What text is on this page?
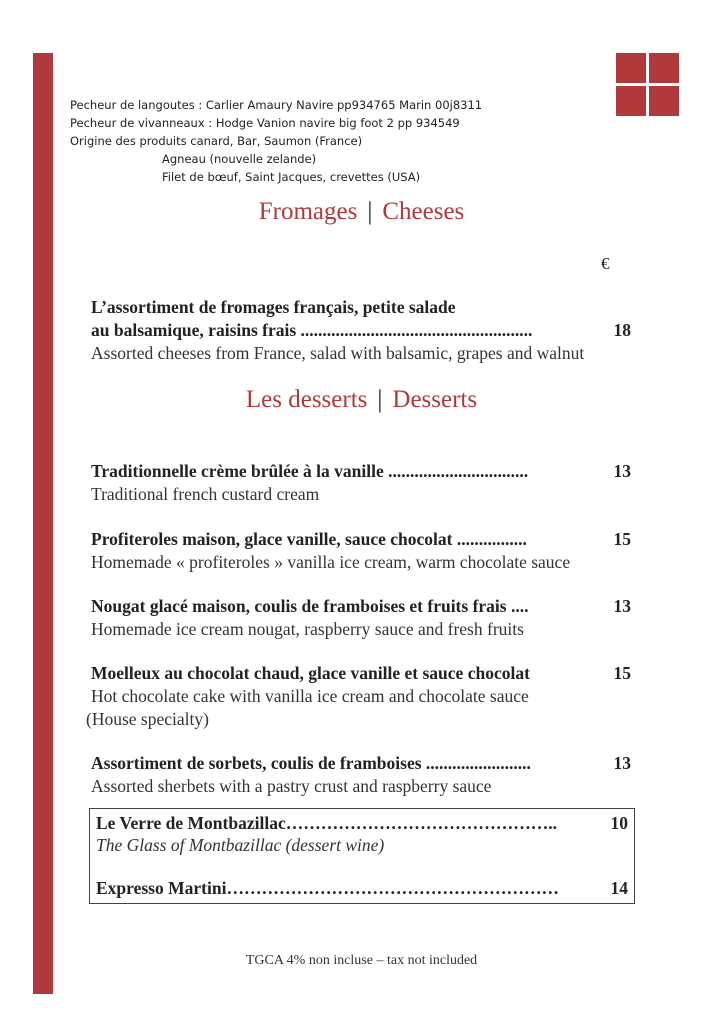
Pecheur de langoutes : Carlier Amaury Navire pp934765 Marin 00j8311
Pecheur de vivanneaux : Hodge Vanion navire big foot 2 pp 934549
Origine des produits canard, Bar, Saumon (France)
Agneau (nouvelle zelande)
Filet de bœuf, Saint Jacques, crevettes (USA)
Fromages | Cheeses
€
L’assortiment de fromages français, petite salade
au balsamique, raisins frais .....................................................	18
Assorted cheeses from France, salad with balsamic, grapes and walnut
Les desserts | Desserts
Traditionnelle crème brûlée à la vanille ................................	13
Traditional french custard cream
Profiteroles maison, glace vanille, sauce chocolat ................	15
Homemade « profiteroles » vanilla ice cream, warm chocolate sauce
Nougat glacé maison, coulis de framboises et fruits frais ....	13
Homemade ice cream nougat, raspberry sauce and fresh fruits
Moelleux au chocolat chaud, glace vanille et sauce chocolat	15
Hot chocolate cake with vanilla ice cream and chocolate sauce
(House specialty)
Assortiment de sorbets, coulis de framboises ........................	13
Assorted sherbets with a pastry crust and raspberry sauce
Le Verre de Montbazillac………………………………………..	10
The Glass of Montbazillac (dessert wine)
Expresso Martini…………………………………………………	14
TGCA 4% non incluse – tax not included
